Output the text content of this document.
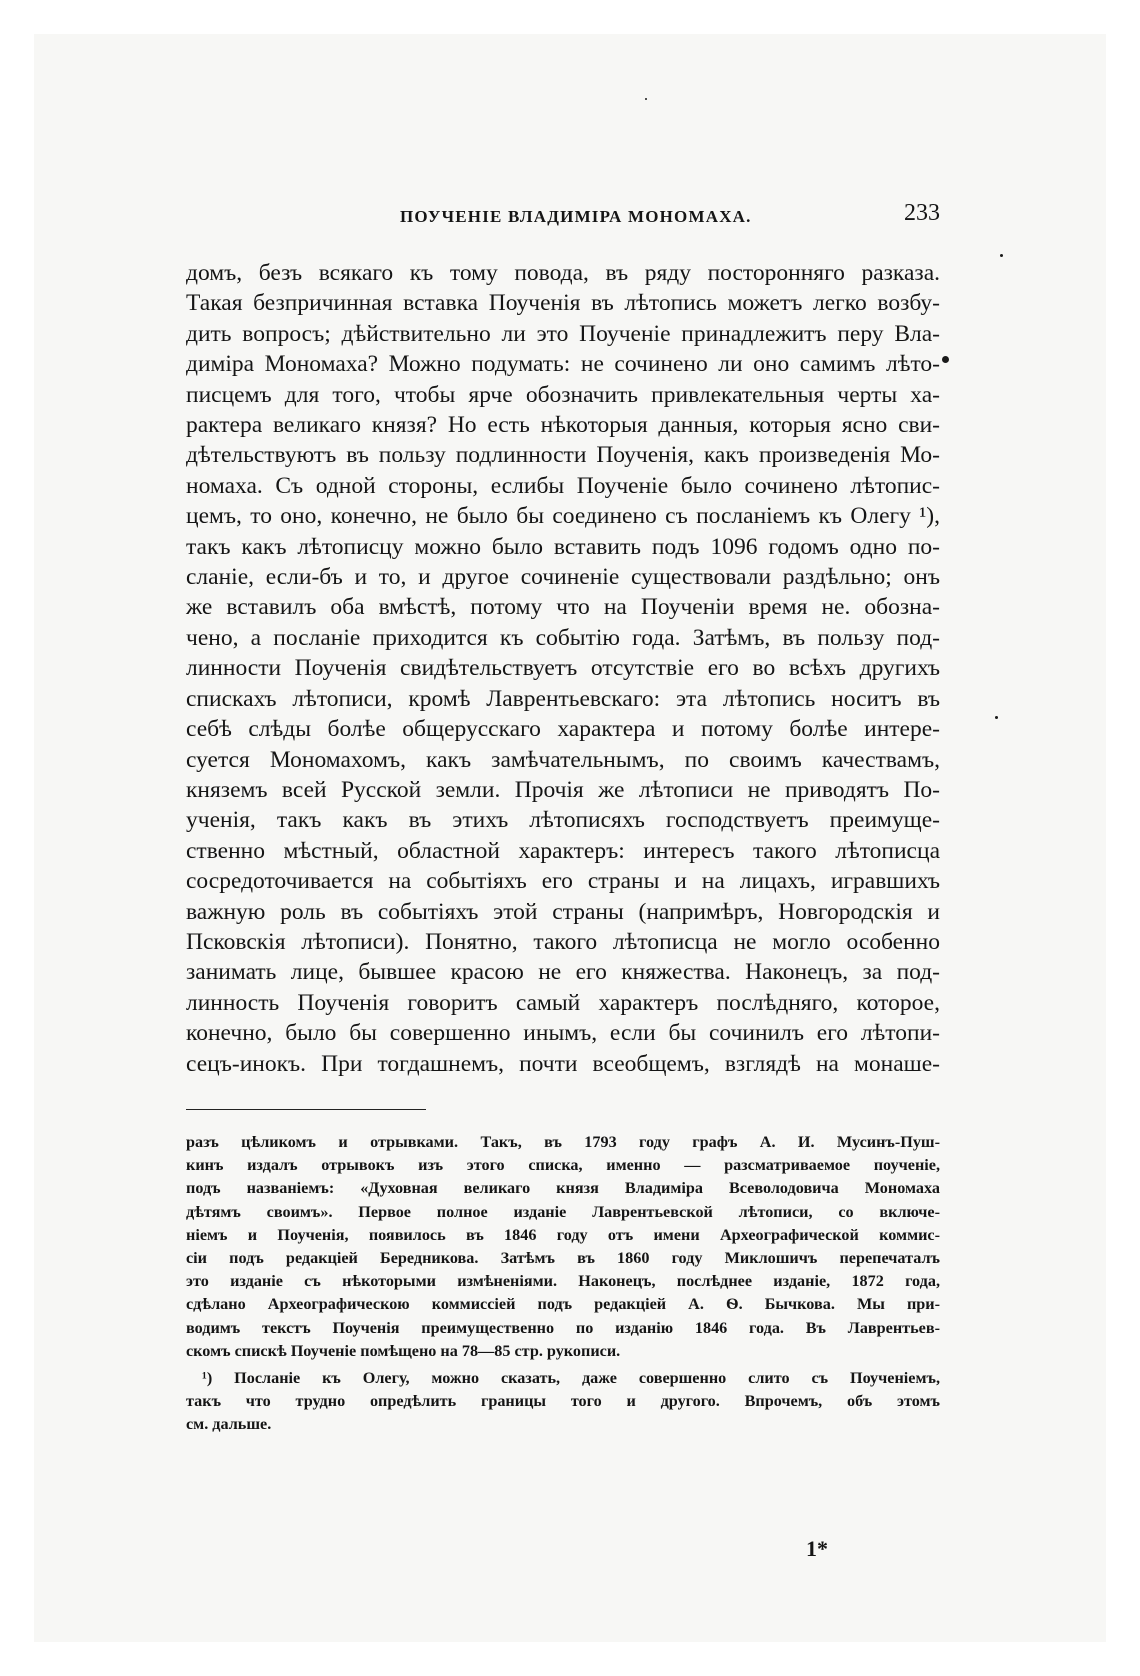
ПОУЧЕНІЕ ВЛАДИМІРА МОНОМАХА.	233
домъ, безъ всякаго къ тому повода, въ ряду посторонняго разказа.
Такая безпричинная вставка Поученія въ лѣтопись можетъ легко возбу-
дить вопросъ; дѣйствительно ли это Поученіе принадлежитъ перу Вла-
диміра Мономаха? Можно подумать: не сочинено ли оно самимъ лѣто-
писцемъ для того, чтобы ярче обозначить привлекательныя черты ха-
рактера великаго князя? Но есть нѣкоторыя данныя, которыя ясно сви-
дѣтельствуютъ въ пользу подлинности Поученія, какъ произведенія Мо-
номаха. Съ одной стороны, еслибы Поученіе было сочинено лѣтопис-
цемъ, то оно, конечно, не было бы соединено съ посланіемъ къ Олегу ¹),
такъ какъ лѣтописцу можно было вставить подъ 1096 годомъ одно по-
сланіе, если-бъ и то, и другое сочиненіе существовали раздѣльно; онъ
же вставилъ оба вмѣстѣ, потому что на Поученіи время не. обозна-
чено, а посланіе приходится къ событію года. Затѣмъ, въ пользу под-
линности Поученія свидѣтельствуетъ отсутствіе его во всѣхъ другихъ
спискахъ лѣтописи, кромѣ Лаврентьевскаго: эта лѣтопись носитъ въ
себѣ слѣды болѣе общерусскаго характера и потому болѣе интере-
суется Мономахомъ, какъ замѣчательнымъ, по своимъ качествамъ,
княземъ всей Русской земли. Прочія же лѣтописи не приводятъ По-
ученія, такъ какъ въ этихъ лѣтописяхъ господствуетъ преимуще-
ственно мѣстный, областной характеръ: интересъ такого лѣтописца
сосредоточивается на событіяхъ его страны и на лицахъ, игравшихъ
важную роль въ событіяхъ этой страны (напримѣръ, Новгородскія и
Псковскія лѣтописи). Понятно, такого лѣтописца не могло особенно
занимать лице, бывшее красою не его княжества. Наконецъ, за под-
линность Поученія говоритъ самый характеръ послѣдняго, которое,
конечно, было бы совершенно инымъ, если бы сочинилъ его лѣтопи-
сецъ-инокъ. При тогдашнемъ, почти всеобщемъ, взглядѣ на монаше-
разъ цѣликомъ и отрывками. Такъ, въ 1793 году графъ А. И. Мусинъ-Пуш-
кинъ издалъ отрывокъ изъ этого списка, именно — разсматриваемое поученіе,
подъ названіемъ: «Духовная великаго князя Владиміра Всеволодовича Мономаха
дѣтямъ своимъ». Первое полное изданіе Лаврентьевской лѣтописи, со включе-
ніемъ и Поученія, появилось въ 1846 году отъ имени Археографической коммис-
сіи подъ редакціей Бередникова. Затѣмъ въ 1860 году Миклошичъ перепечаталъ
это изданіе съ нѣкоторыми измѣненіями. Наконецъ, послѣднее изданіе, 1872 года,
сдѣлано Археографическою коммиссіей подъ редакціей А. Ѳ. Бычкова. Мы при-
водимъ текстъ Поученія преимущественно по изданію 1846 года. Въ Лаврентьев-
скомъ спискѣ Поученіе помѣщено на 78—85 стр. рукописи.
¹) Посланіе къ Олегу, можно сказать, даже совершенно слито съ Поученіемъ,
такъ что трудно опредѣлить границы того и другого. Впрочемъ, объ этомъ
см. дальше.
1*
